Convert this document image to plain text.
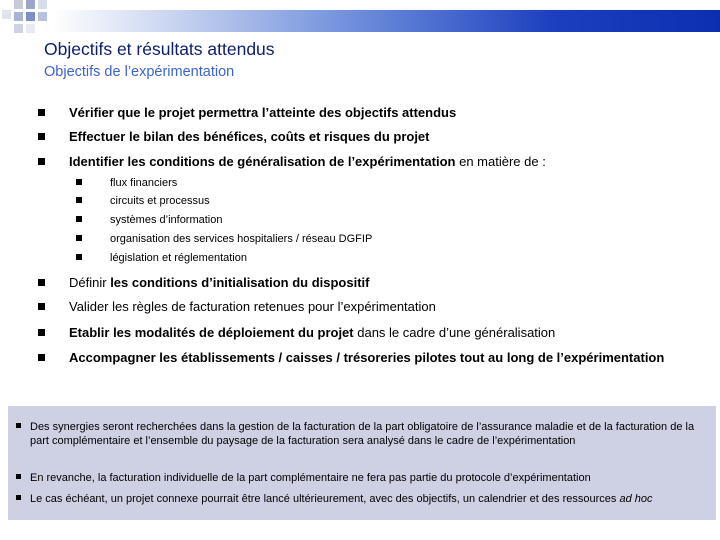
Objectifs et résultats attendus
Objectifs de l’expérimentation
Vérifier que le projet permettra l’atteinte des objectifs attendus
Effectuer le bilan des bénéfices, coûts et risques du projet
Identifier les conditions de généralisation de l’expérimentation en matière de :
flux financiers
circuits et processus
systèmes d’information
organisation des services hospitaliers / réseau DGFIP
législation et réglementation
Définir les conditions d’initialisation du dispositif
Valider les règles de facturation retenues pour l’expérimentation
Etablir les modalités de déploiement du projet dans le cadre d’une généralisation
Accompagner les établissements / caisses / trésoreries pilotes tout au long de l’expérimentation
Des synergies seront recherchées dans la gestion de la facturation de la part obligatoire de l’assurance maladie et de la facturation de la part complémentaire et l’ensemble du paysage de la facturation sera analysé dans le cadre de l’expérimentation
En revanche, la facturation individuelle de la part complémentaire ne fera pas partie du protocole d’expérimentation
Le cas échéant, un projet connexe pourrait être lancé ultérieurement, avec des objectifs, un calendrier et des ressources ad hoc
